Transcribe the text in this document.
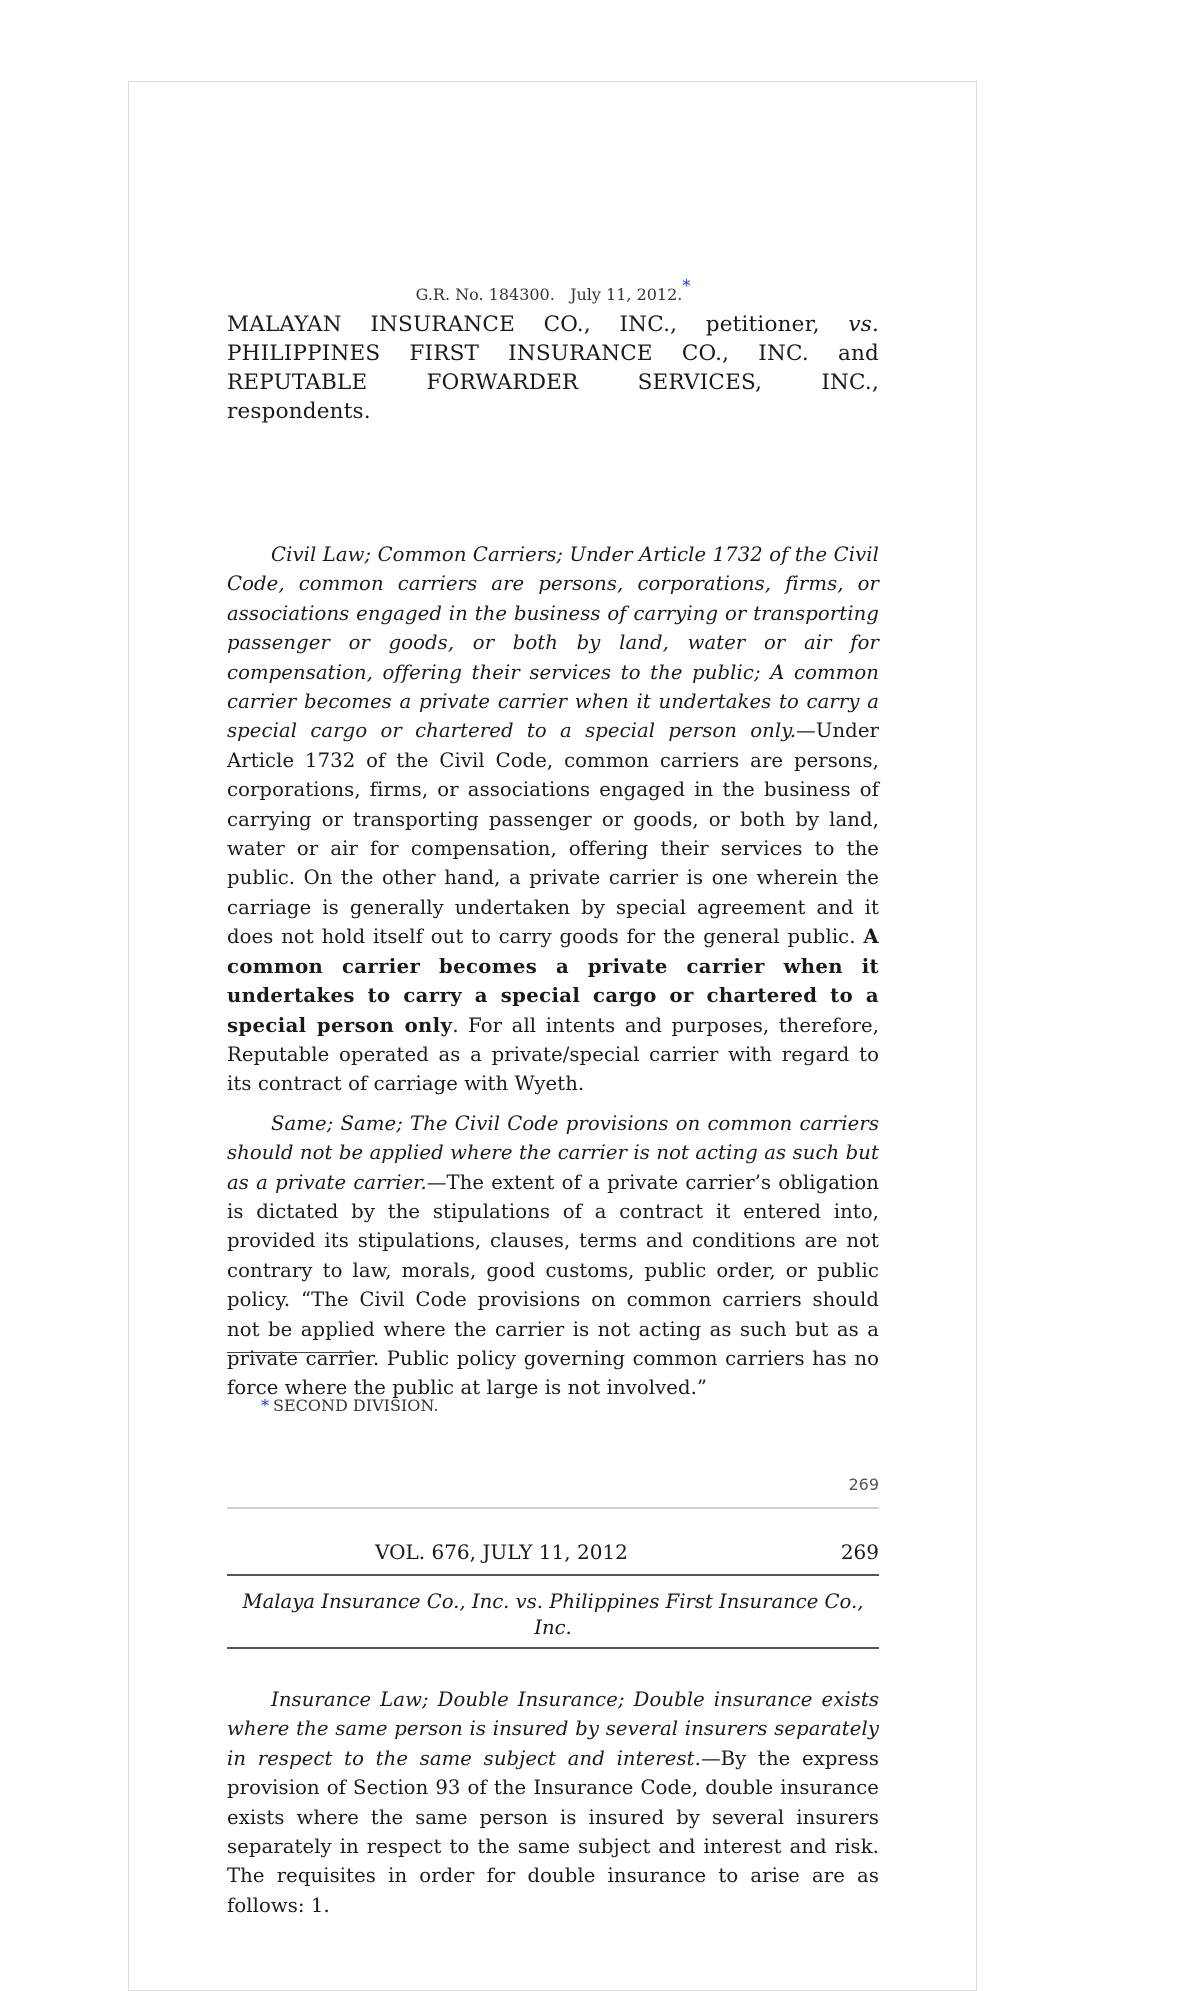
G.R. No. 184300. July 11, 2012.*
MALAYAN INSURANCE CO., INC., petitioner, vs.
PHILIPPINES FIRST INSURANCE CO., INC. and
REPUTABLE FORWARDER SERVICES, INC.,
respondents.

Civil Law; Common Carriers; Under Article 1732 of the Civil Code, common carriers are persons, corporations, firms, or associations engaged in the business of carrying or transporting passenger or goods, or both by land, water or air for compensation, offering their services to the public; A common carrier becomes a private carrier when it undertakes to carry a special cargo or chartered to a special person only.—Under Article 1732 of the Civil Code, common carriers are persons, corporations, firms, or associations engaged in the business of carrying or transporting passenger or goods, or both by land, water or air for compensation, offering their services to the public. On the other hand, a private carrier is one wherein the carriage is generally undertaken by special agreement and it does not hold itself out to carry goods for the general public. A common carrier becomes a private carrier when it undertakes to carry a special cargo or chartered to a special person only. For all intents and purposes, therefore, Reputable operated as a private/special carrier with regard to its contract of carriage with Wyeth.

Same; Same; The Civil Code provisions on common carriers should not be applied where the carrier is not acting as such but as a private carrier.—The extent of a private carrier’s obligation is dictated by the stipulations of a contract it entered into, provided its stipulations, clauses, terms and conditions are not contrary to law, morals, good customs, public order, or public policy. “The Civil Code provisions on common carriers should not be applied where the carrier is not acting as such but as a private carrier. Public policy governing common carriers has no force where the public at large is not involved.”

* SECOND DIVISION.
269
VOL. 676, JULY 11, 2012	269
Malaya Insurance Co., Inc. vs. Philippines First Insurance Co., Inc.

Insurance Law; Double Insurance; Double insurance exists where the same person is insured by several insurers separately in respect to the same subject and interest.—By the express provision of Section 93 of the Insurance Code, double insurance exists where the same person is insured by several insurers separately in respect to the same subject and interest and risk. The requisites in order for double insurance to arise are as follows: 1.
